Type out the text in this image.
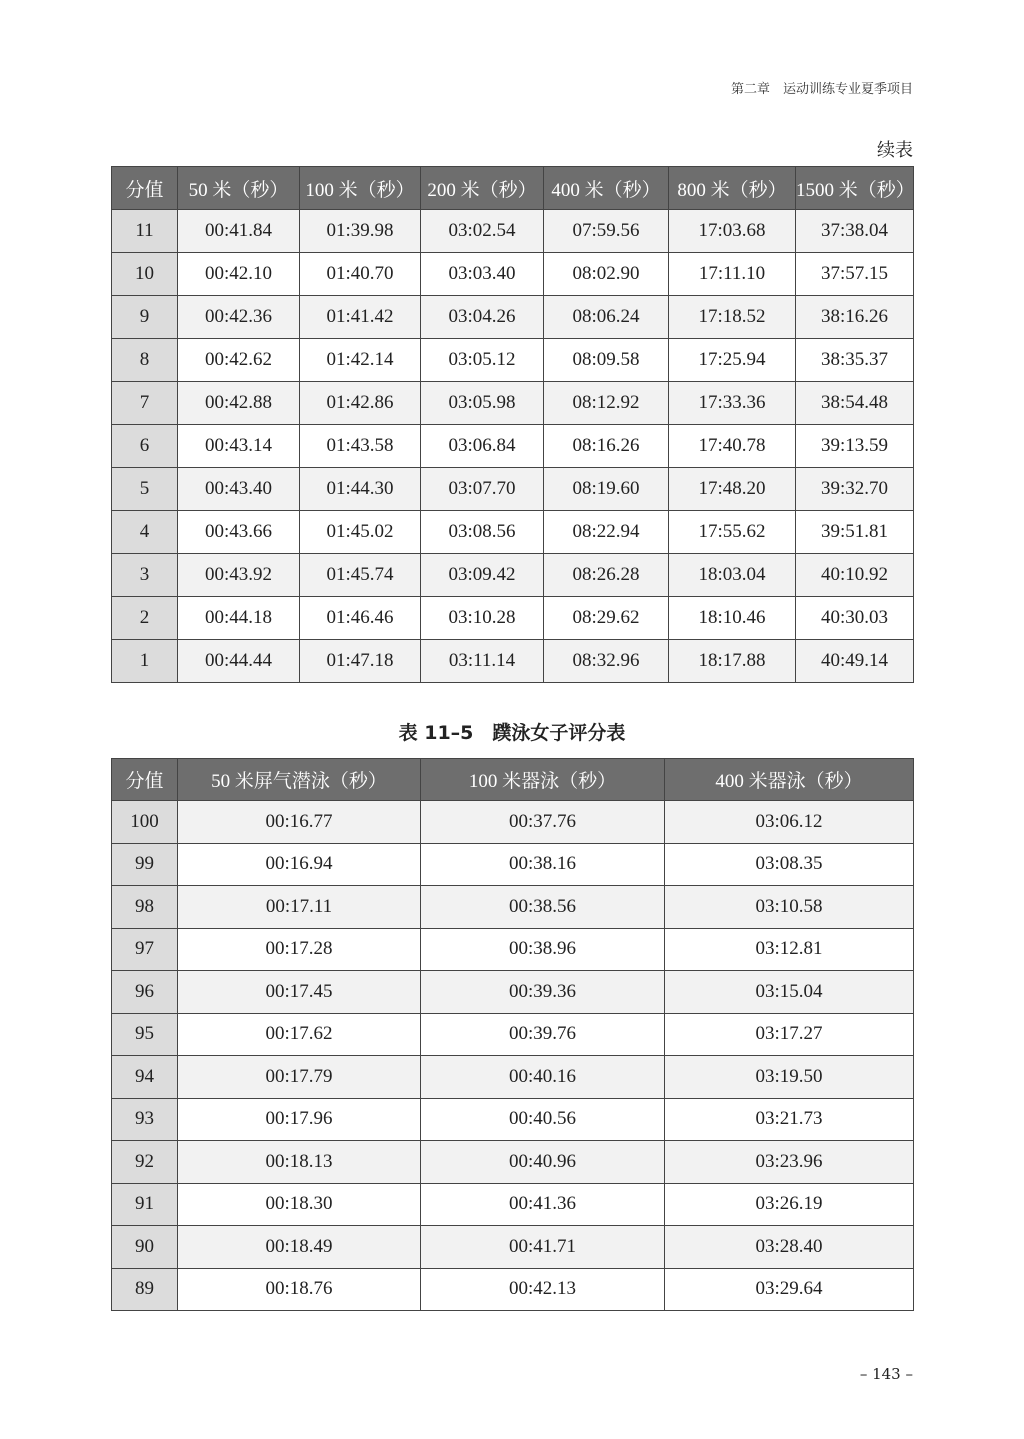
第二章　运动训练专业夏季项目
续表
分值	50 米（秒）	100 米（秒）	200 米（秒）	400 米（秒）	800 米（秒）	1500 米（秒）
11	00:41.84	01:39.98	03:02.54	07:59.56	17:03.68	37:38.04
10	00:42.10	01:40.70	03:03.40	08:02.90	17:11.10	37:57.15
9	00:42.36	01:41.42	03:04.26	08:06.24	17:18.52	38:16.26
8	00:42.62	01:42.14	03:05.12	08:09.58	17:25.94	38:35.37
7	00:42.88	01:42.86	03:05.98	08:12.92	17:33.36	38:54.48
6	00:43.14	01:43.58	03:06.84	08:16.26	17:40.78	39:13.59
5	00:43.40	01:44.30	03:07.70	08:19.60	17:48.20	39:32.70
4	00:43.66	01:45.02	03:08.56	08:22.94	17:55.62	39:51.81
3	00:43.92	01:45.74	03:09.42	08:26.28	18:03.04	40:10.92
2	00:44.18	01:46.46	03:10.28	08:29.62	18:10.46	40:30.03
1	00:44.44	01:47.18	03:11.14	08:32.96	18:17.88	40:49.14
表 11–5　蹼泳女子评分表
分值	50 米屏气潜泳（秒）	100 米器泳（秒）	400 米器泳（秒）
100	00:16.77	00:37.76	03:06.12
99	00:16.94	00:38.16	03:08.35
98	00:17.11	00:38.56	03:10.58
97	00:17.28	00:38.96	03:12.81
96	00:17.45	00:39.36	03:15.04
95	00:17.62	00:39.76	03:17.27
94	00:17.79	00:40.16	03:19.50
93	00:17.96	00:40.56	03:21.73
92	00:18.13	00:40.96	03:23.96
91	00:18.30	00:41.36	03:26.19
90	00:18.49	00:41.71	03:28.40
89	00:18.76	00:42.13	03:29.64
– 143 –
